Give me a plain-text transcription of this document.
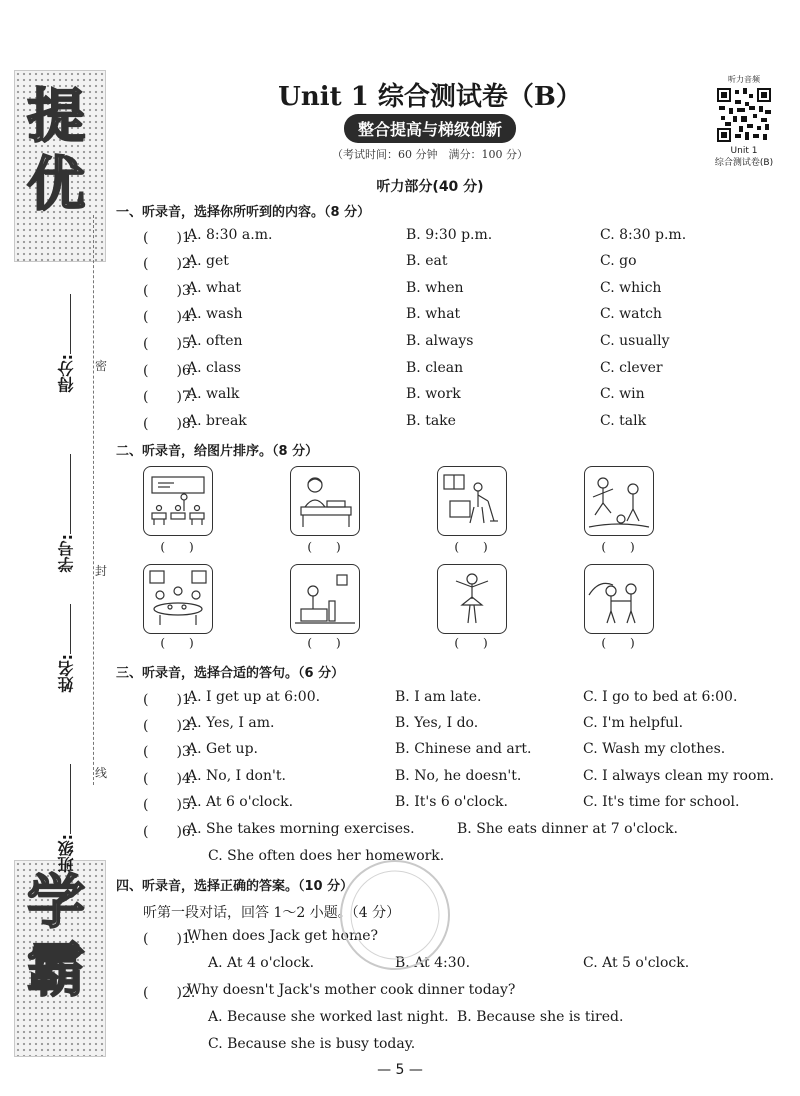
提优
学霸
得分:
学号:
姓名:
班级:
密
封
线
Unit 1 综合测试卷（B）
整合提高与梯级创新
（考试时间：60 分钟　满分：100 分）
听力音频
Unit 1
综合测试卷(B)
听力部分(40 分)
一、听录音，选择你所听到的内容。（8 分）
(　　)1.
A. 8:30 a.m.	B. 9:30 p.m.	C. 8:30 p.m.
(　　)2.
A. get	B. eat	C. go
(　　)3.
A. what	B. when	C. which
(　　)4.
A. wash	B. what	C. watch
(　　)5.
A. often	B. always	C. usually
(　　)6.
A. class	B. clean	C. clever
(　　)7.
A. walk	B. work	C. win
(　　)8.
A. break	B. take	C. talk
二、听录音，给图片排序。（8 分）
(　　)	(　　)	(　　)	(　　)
(　　)	(　　)	(　　)	(　　)
三、听录音，选择合适的答句。（6 分）
(　　)1.
A. I get up at 6:00.	B. I am late.	C. I go to bed at 6:00.
(　　)2.
A. Yes, I am.	B. Yes, I do.	C. I'm helpful.
(　　)3.
A. Get up.	B. Chinese and art.	C. Wash my clothes.
(　　)4.
A. No, I don't.	B. No, he doesn't.	C. I always clean my room.
(　　)5.
A. At 6 o'clock.	B. It's 6 o'clock.	C. It's time for school.
(　　)6.
A. She takes morning exercises.	B. She eats dinner at 7 o'clock.
C. She often does her homework.
四、听录音，选择正确的答案。（10 分）
听第一段对话，回答 1～2 小题。（4 分）
(　　)1.
When does Jack get home?
A. At 4 o'clock.	B. At 4:30.	C. At 5 o'clock.
(　　)2.
Why doesn't Jack's mother cook dinner today?
A. Because she worked last night. B. Because she is tired.
C. Because she is busy today.
— 5 —
